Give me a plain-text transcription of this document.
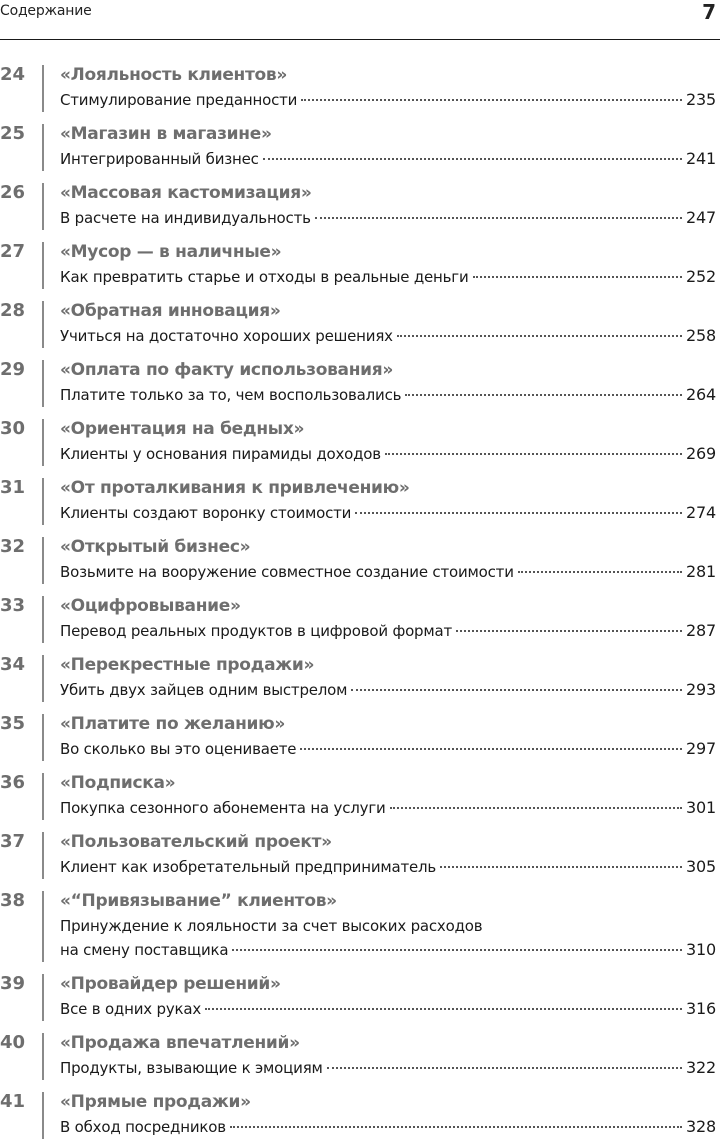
Содержание	7
24	«Лояльность клиентов»
Стимулирование преданности	235
25	«Магазин в магазине»
Интегрированный бизнес	241
26	«Массовая кастомизация»
В расчете на индивидуальность	247
27	«Мусор — в наличные»
Как превратить старье и отходы в реальные деньги	252
28	«Обратная инновация»
Учиться на достаточно хороших решениях	258
29	«Оплата по факту использования»
Платите только за то, чем воспользовались	264
30	«Ориентация на бедных»
Клиенты у основания пирамиды доходов	269
31	«От проталкивания к привлечению»
Клиенты создают воронку стоимости	274
32	«Открытый бизнес»
Возьмите на вооружение совместное создание стоимости	281
33	«Оцифровывание»
Перевод реальных продуктов в цифровой формат	287
34	«Перекрестные продажи»
Убить двух зайцев одним выстрелом	293
35	«Платите по желанию»
Во сколько вы это оцениваете	297
36	«Подписка»
Покупка сезонного абонемента на услуги	301
37	«Пользовательский проект»
Клиент как изобретательный предприниматель	305
38	«“Привязывание” клиентов»
Принуждение к лояльности за счет высоких расходов
на смену поставщика	310
39	«Провайдер решений»
Все в одних руках	316
40	«Продажа впечатлений»
Продукты, взывающие к эмоциям	322
41	«Прямые продажи»
В обход посредников	328
